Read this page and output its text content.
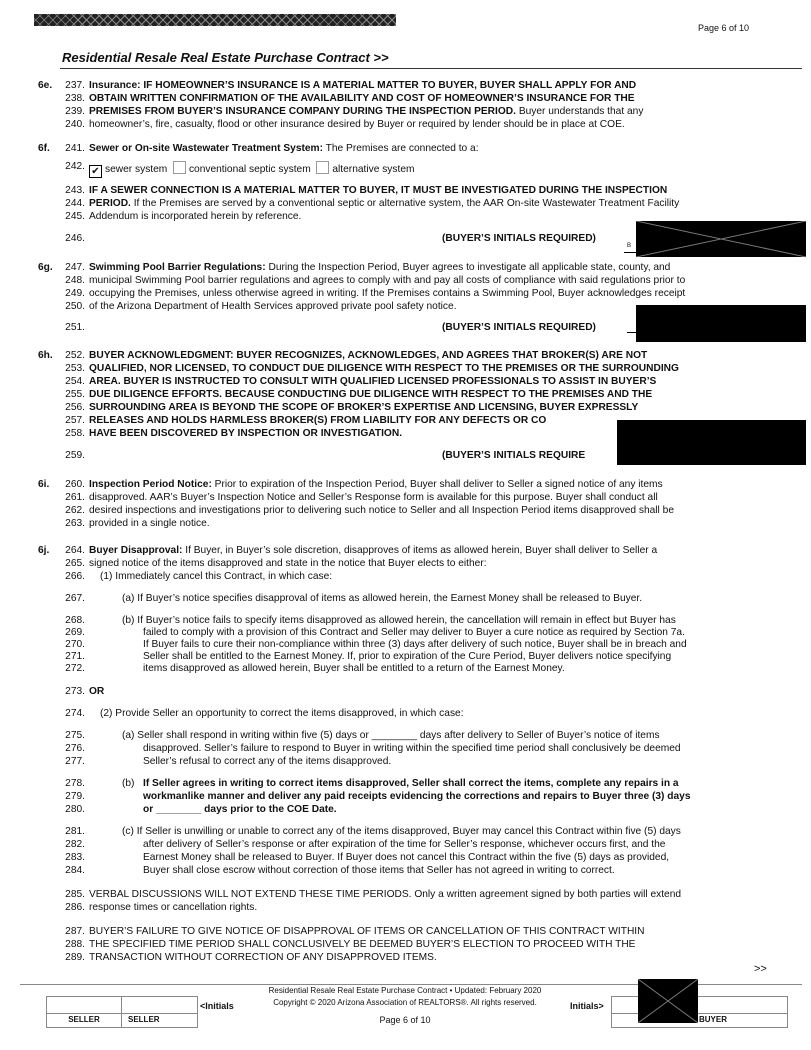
Page 6 of 10
Residential Resale Real Estate Purchase Contract >>
6e.	237. Insurance: IF HOMEOWNER’S INSURANCE IS A MATERIAL MATTER TO BUYER, BUYER SHALL APPLY FOR AND
238. OBTAIN WRITTEN CONFIRMATION OF THE AVAILABILITY AND COST OF HOMEOWNER’S INSURANCE FOR THE
239. PREMISES FROM BUYER’S INSURANCE COMPANY DURING THE INSPECTION PERIOD. Buyer understands that any
240. homeowner’s, fire, casualty, flood or other insurance desired by Buyer or required by lender should be in place at COE.
6f.	241. Sewer or On-site Wastewater Treatment System: The Premises are connected to a:
242. ✔ sewer system conventional septic system alternative system
243. IF A SEWER CONNECTION IS A MATERIAL MATTER TO BUYER, IT MUST BE INVESTIGATED DURING THE INSPECTION
244. PERIOD. If the Premises are served by a conventional septic or alternative system, the AAR On-site Wastewater Treatment Facility
245. Addendum is incorporated herein by reference.
246.	(BUYER’S INITIALS REQUIRED)
B
6g.	247. Swimming Pool Barrier Regulations: During the Inspection Period, Buyer agrees to investigate all applicable state, county, and
248. municipal Swimming Pool barrier regulations and agrees to comply with and pay all costs of compliance with said regulations prior to
249. occupying the Premises, unless otherwise agreed in writing. If the Premises contains a Swimming Pool, Buyer acknowledges receipt
250. of the Arizona Department of Health Services approved private pool safety notice.
251.	(BUYER’S INITIALS REQUIRED)
6h.	252. BUYER ACKNOWLEDGMENT: BUYER RECOGNIZES, ACKNOWLEDGES, AND AGREES THAT BROKER(S) ARE NOT
253. QUALIFIED, NOR LICENSED, TO CONDUCT DUE DILIGENCE WITH RESPECT TO THE PREMISES OR THE SURROUNDING
254. AREA. BUYER IS INSTRUCTED TO CONSULT WITH QUALIFIED LICENSED PROFESSIONALS TO ASSIST IN BUYER’S
255. DUE DILIGENCE EFFORTS. BECAUSE CONDUCTING DUE DILIGENCE WITH RESPECT TO THE PREMISES AND THE
256. SURROUNDING AREA IS BEYOND THE SCOPE OF BROKER’S EXPERTISE AND LICENSING, BUYER EXPRESSLY
257. RELEASES AND HOLDS HARMLESS BROKER(S) FROM LIABILITY FOR ANY DEFECTS OR CO
258. HAVE BEEN DISCOVERED BY INSPECTION OR INVESTIGATION.
259.	(BUYER’S INITIALS REQUIRE
6i.	260. Inspection Period Notice: Prior to expiration of the Inspection Period, Buyer shall deliver to Seller a signed notice of any items
261. disapproved. AAR’s Buyer’s Inspection Notice and Seller’s Response form is available for this purpose. Buyer shall conduct all
262. desired inspections and investigations prior to delivering such notice to Seller and all Inspection Period items disapproved shall be
263. provided in a single notice.
6j.	264. Buyer Disapproval: If Buyer, in Buyer’s sole discretion, disapproves of items as allowed herein, Buyer shall deliver to Seller a
265. signed notice of the items disapproved and state in the notice that Buyer elects to either:
266. (1) Immediately cancel this Contract, in which case:
267.	(a) If Buyer’s notice specifies disapproval of items as allowed herein, the Earnest Money shall be released to Buyer.
268.	(b) If Buyer’s notice fails to specify items disapproved as allowed herein, the cancellation will remain in effect but Buyer has
269.	failed to comply with a provision of this Contract and Seller may deliver to Buyer a cure notice as required by Section 7a.
270.	If Buyer fails to cure their non-compliance within three (3) days after delivery of such notice, Buyer shall be in breach and
271.	Seller shall be entitled to the Earnest Money. If, prior to expiration of the Cure Period, Buyer delivers notice specifying
272.	items disapproved as allowed herein, Buyer shall be entitled to a return of the Earnest Money.
273. OR
274. (2) Provide Seller an opportunity to correct the items disapproved, in which case:
275.	(a) Seller shall respond in writing within five (5) days or ________ days after delivery to Seller of Buyer’s notice of items
276.	disapproved. Seller’s failure to respond to Buyer in writing within the specified time period shall conclusively be deemed
277.	Seller’s refusal to correct any of the items disapproved.
278.	(b) If Seller agrees in writing to correct items disapproved, Seller shall correct the items, complete any repairs in a
279.	workmanlike manner and deliver any paid receipts evidencing the corrections and repairs to Buyer three (3) days
280.	or ________ days prior to the COE Date.
281.	(c) If Seller is unwilling or unable to correct any of the items disapproved, Buyer may cancel this Contract within five (5) days
282.	after delivery of Seller’s response or after expiration of the time for Seller’s response, whichever occurs first, and the
283.	Earnest Money shall be released to Buyer. If Buyer does not cancel this Contract within the five (5) days as provided,
284.	Buyer shall close escrow without correction of those items that Seller has not agreed in writing to correct.
285. VERBAL DISCUSSIONS WILL NOT EXTEND THESE TIME PERIODS. Only a written agreement signed by both parties will extend
286. response times or cancellation rights.
287. BUYER’S FAILURE TO GIVE NOTICE OF DISAPPROVAL OF ITEMS OR CANCELLATION OF THIS CONTRACT WITHIN
288. THE SPECIFIED TIME PERIOD SHALL CONCLUSIVELY BE DEEMED BUYER’S ELECTION TO PROCEED WITH THE
289. TRANSACTION WITHOUT CORRECTION OF ANY DISAPPROVED ITEMS.
>>
SELLER	SELLER
<Initials
Residential Resale Real Estate Purchase Contract • Updated: February 2020
Copyright © 2020 Arizona Association of REALTORS®. All rights reserved.
Page 6 of 10
Initials>
BUYER
